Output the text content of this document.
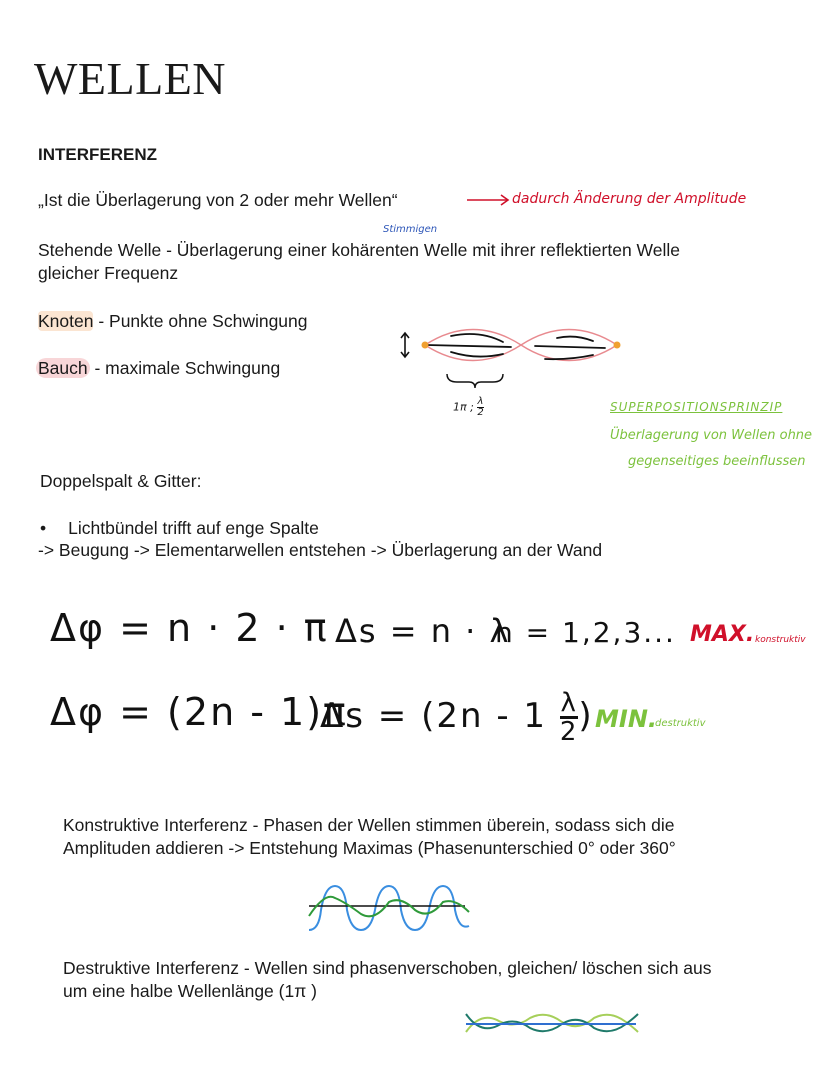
WELLEN
INTERFERENZ
„Ist die Überlagerung von 2 oder mehr Wellen“	dadurch Änderung der Amplitude
Stimmigen
Stehende Welle - Überlagerung einer kohärenten Welle mit ihrer reflektierten Welle
gleicher Frequenz
Knoten - Punkte ohne Schwingung
Bauch - maximale Schwingung
1π ; $\frac{\lambda}{2}$	SUPERPOSITIONSPRINZIP
Überlagerung von Wellen ohne
gegenseitiges beeinflussen
Doppelspalt & Gitter:
• Lichtbündel trifft auf enge Spalte
-> Beugung -> Elementarwellen entstehen -> Überlagerung an der Wand
Δφ = n · 2 · π Δs = n · λ
n = 1,2,3... MAX. konstruktiv
Δφ = (2n - 1)π
$\Delta s = (2n - 1 \frac{\lambda}{2}$ ) MIN.
destruktiv
Konstruktive Interferenz - Phasen der Wellen stimmen überein, sodass sich die
Amplituden addieren -> Entstehung Maximas (Phasenunterschied 0° oder 360°
Destruktive Interferenz - Wellen sind phasenverschoben, gleichen/ löschen sich aus
um eine halbe Wellenlänge (1π )
